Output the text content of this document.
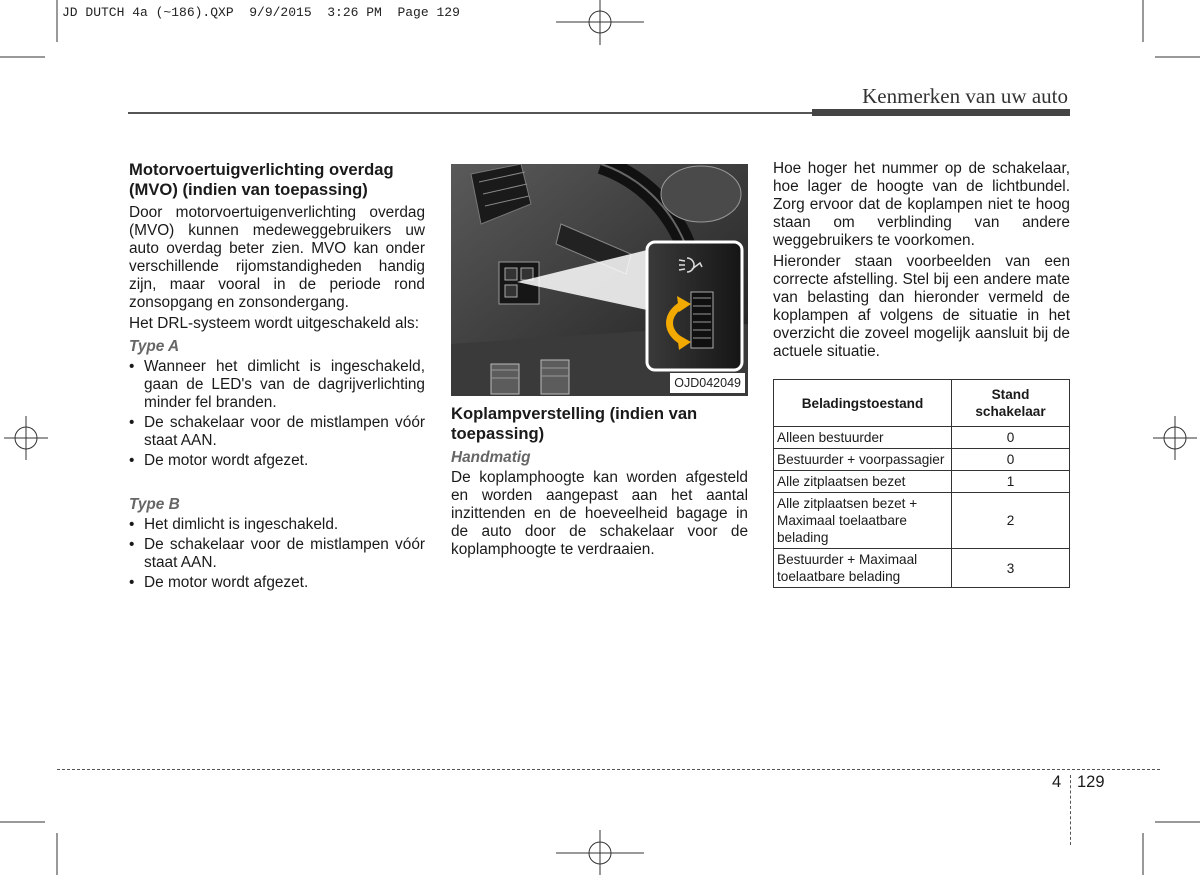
JD DUTCH 4a (~186).QXP  9/9/2015  3:26 PM  Page 129
Kenmerken van uw auto
Motorvoertuigverlichting overdag (MVO) (indien van toepassing)

Door motorvoertuigenverlichting overdag (MVO) kunnen medeweggebruikers uw auto overdag beter zien. MVO kan onder verschillende rijomstandigheden handig zijn, maar vooral in de periode rond zonsopgang en zonsondergang.

Het DRL-systeem wordt uitgeschakeld als:

Type A
• Wanneer het dimlicht is ingeschakeld, gaan de LED's van de dagrijverlichting minder fel branden.
• De schakelaar voor de mistlampen vóór staat AAN.
• De motor wordt afgezet.
Type B
• Het dimlicht is ingeschakeld.
• De schakelaar voor de mistlampen vóór staat AAN.
• De motor wordt afgezet.
OJD042049
Koplampverstelling (indien van toepassing)
Handmatig

De koplamphoogte kan worden afgesteld en worden aangepast aan het aantal inzittenden en de hoeveelheid bagage in de auto door de schakelaar voor de koplamphoogte te verdraaien.

Hoe hoger het nummer op de schakelaar, hoe lager de hoogte van de lichtbundel. Zorg ervoor dat de koplampen niet te hoog staan om verblinding van andere weggebruikers te voorkomen.

Hieronder staan voorbeelden van een correcte afstelling. Stel bij een andere mate van belasting dan hieronder vermeld de koplampen af volgens de situatie in het overzicht die zoveel mogelijk aansluit bij de actuele situatie.

Beladingstoestand	Stand schakelaar
Alleen bestuurder	0
Bestuurder + voorpassagier	0
Alle zitplaatsen bezet	1
Alle zitplaatsen bezet + Maximaal toelaatbare belading	2
Bestuurder + Maximaal toelaatbare belading	3
4 129
